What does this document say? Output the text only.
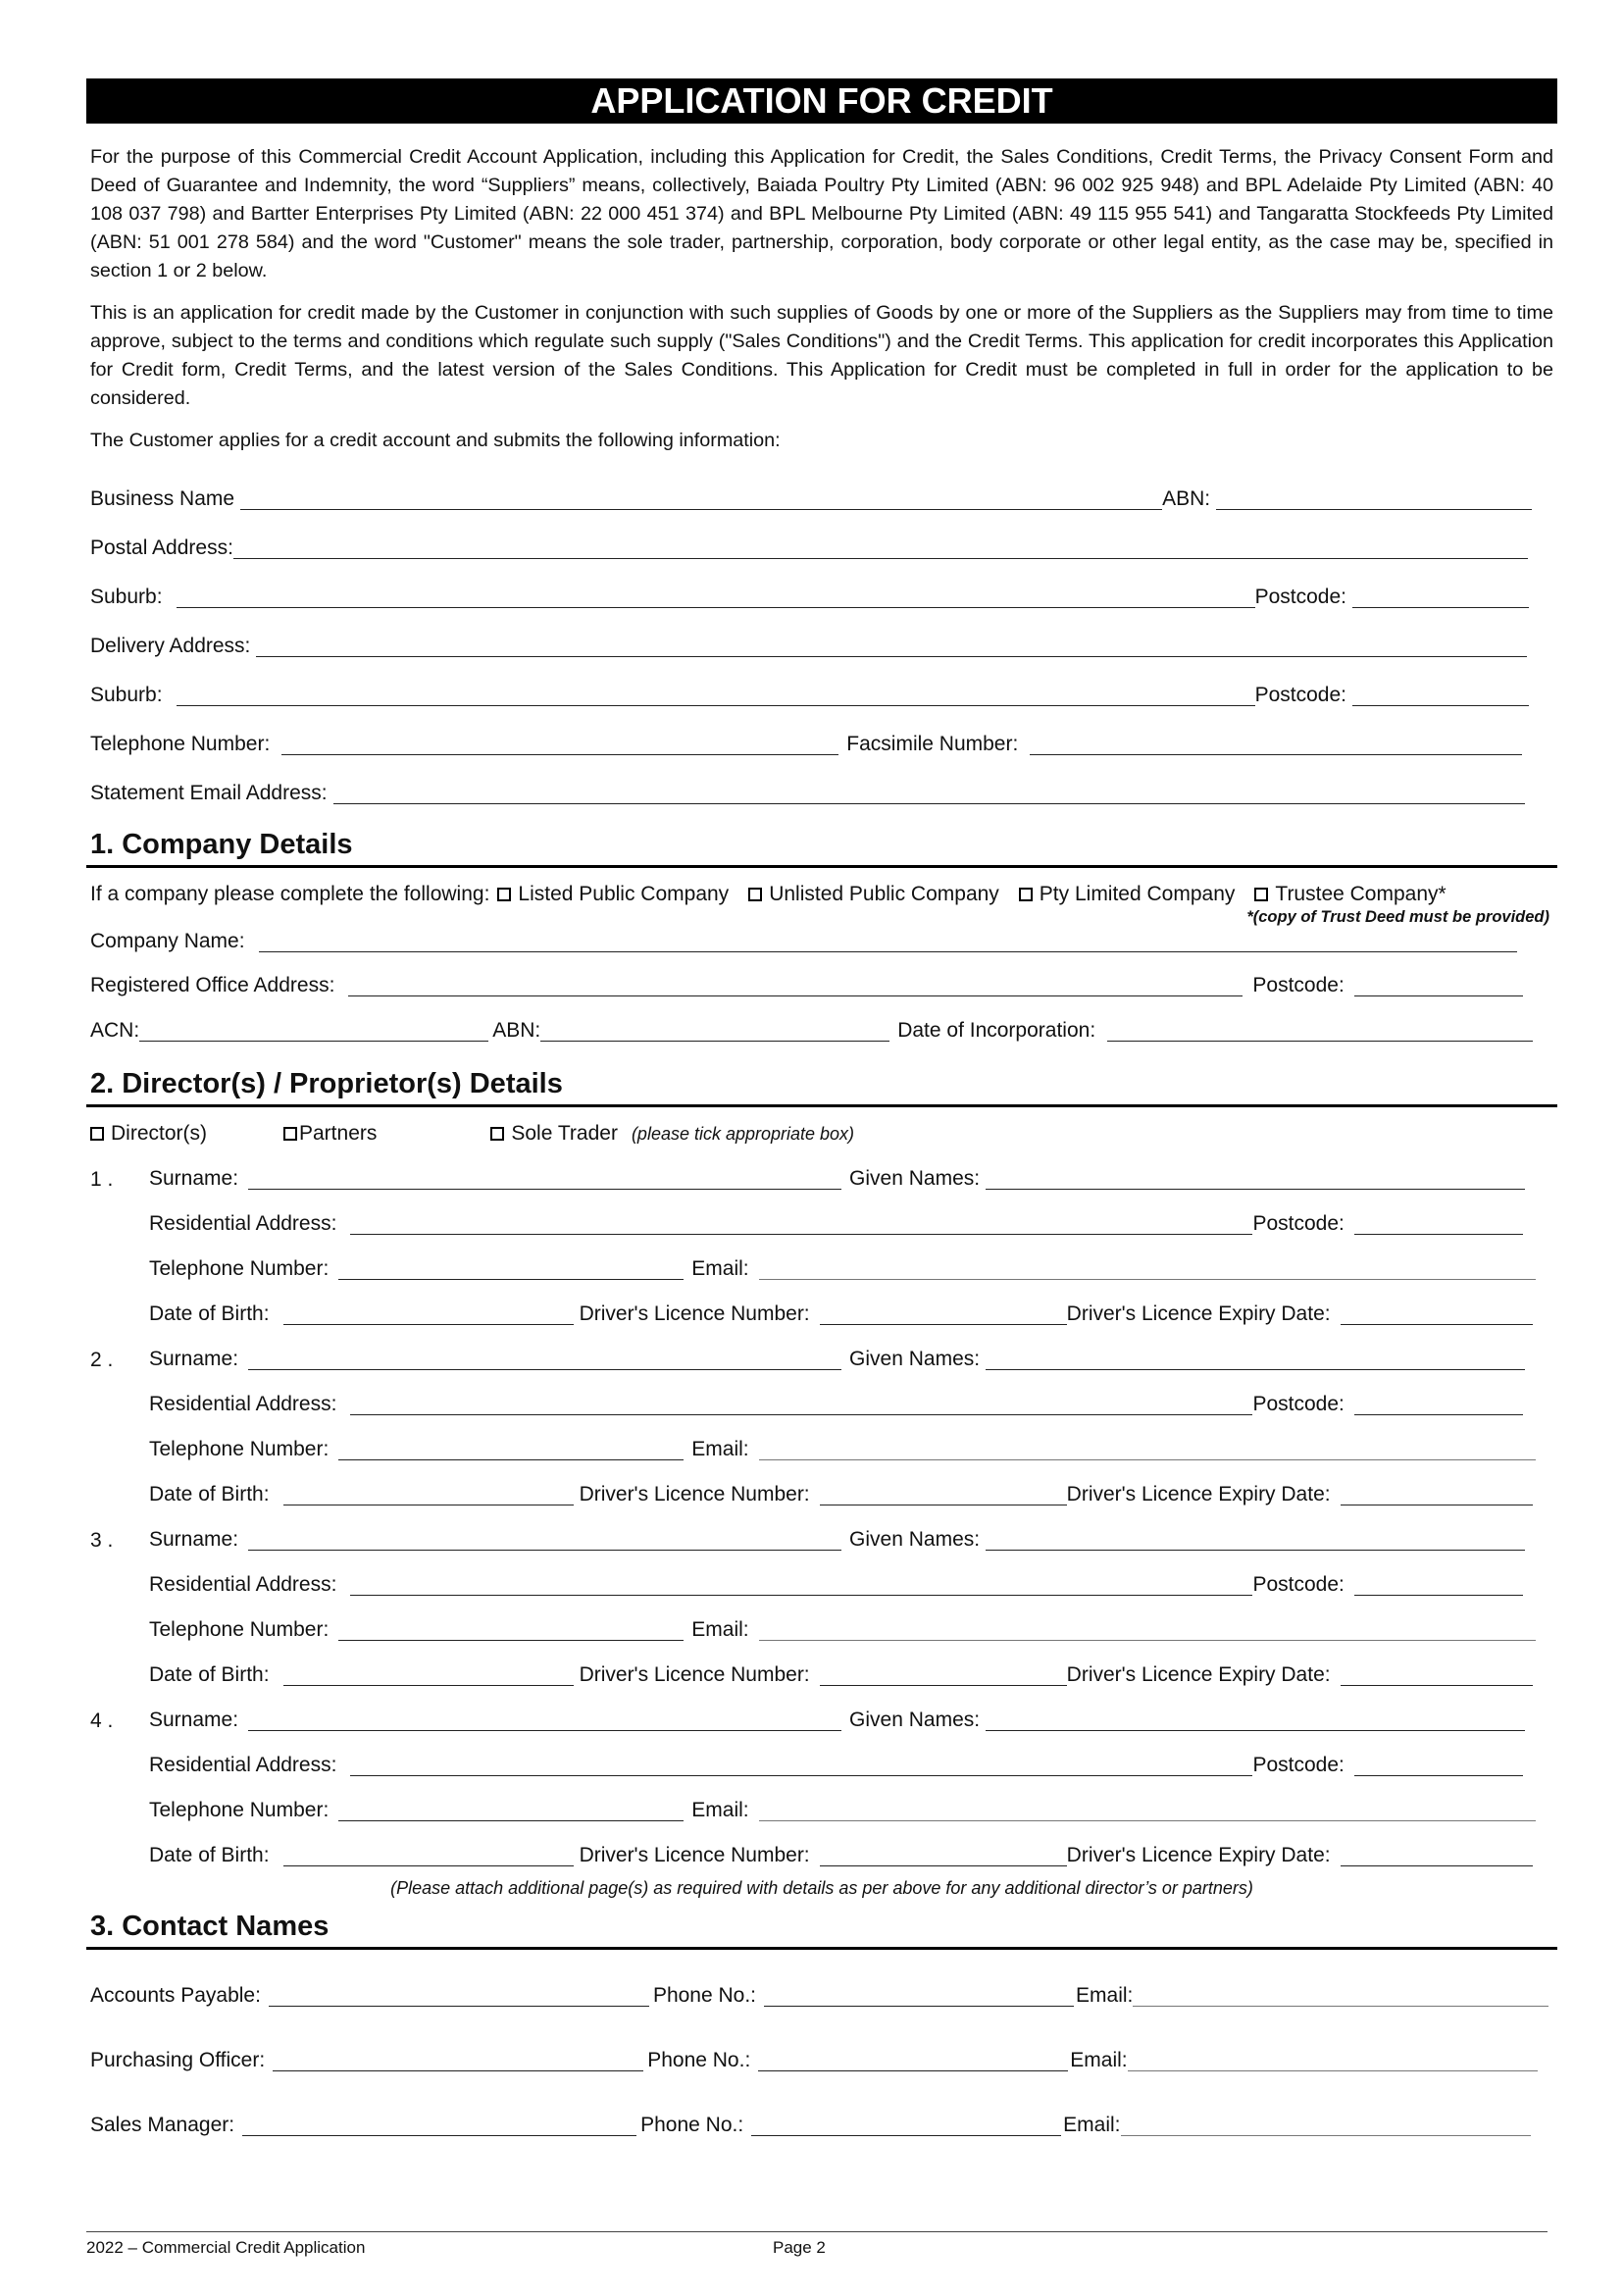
APPLICATION FOR CREDIT

For the purpose of this Commercial Credit Account Application, including this Application for Credit, the Sales Conditions, Credit Terms, the Privacy Consent Form and Deed of Guarantee and Indemnity, the word “Suppliers” means, collectively, Baiada Poultry Pty Limited (ABN: 96 002 925 948) and BPL Adelaide Pty Limited (ABN: 40 108 037 798) and Bartter Enterprises Pty Limited (ABN: 22 000 451 374) and BPL Melbourne Pty Limited (ABN: 49 115 955 541) and Tangaratta Stockfeeds Pty Limited (ABN: 51 001 278 584) and the word "Customer" means the sole trader, partnership, corporation, body corporate or other legal entity, as the case may be, specified in section 1 or 2 below.

This is an application for credit made by the Customer in conjunction with such supplies of Goods by one or more of the Suppliers as the Suppliers may from time to time approve, subject to the terms and conditions which regulate such supply ("Sales Conditions") and the Credit Terms. This application for credit incorporates this Application for Credit form, Credit Terms, and the latest version of the Sales Conditions. This Application for Credit must be completed in full in order for the application to be considered.

The Customer applies for a credit account and submits the following information:

Business Name	ABN:
Postal Address:
Suburb:	Postcode:
Delivery Address:
Suburb:	Postcode:
Telephone Number:	Facsimile Number:
Statement Email Address:
1. Company Details
If a company please complete the following:	Listed Public Company	Unlisted Public Company	Pty Limited Company	Trustee Company*
*(copy of Trust Deed must be provided)
Company Name:
Registered Office Address:	Postcode:
ACN:	ABN:	Date of Incorporation:
2. Director(s) / Proprietor(s) Details
Director(s)	Partners	Sole Trader (please tick appropriate box)
1 .	Surname:	Given Names:
Residential Address:	Postcode:
Telephone Number:	Email:
Date of Birth:	Driver's Licence Number:	Driver's Licence Expiry Date:
2 .	Surname:	Given Names:
Residential Address:	Postcode:
Telephone Number:	Email:
Date of Birth:	Driver's Licence Number:	Driver's Licence Expiry Date:
3 .	Surname:	Given Names:
Residential Address:	Postcode:
Telephone Number:	Email:
Date of Birth:	Driver's Licence Number:	Driver's Licence Expiry Date:
4 .	Surname:	Given Names:
Residential Address:	Postcode:
Telephone Number:	Email:
Date of Birth:	Driver's Licence Number:	Driver's Licence Expiry Date:
(Please attach additional page(s) as required with details as per above for any additional director’s or partners)
3. Contact Names
Accounts Payable:	Phone No.:	Email:
Purchasing Officer:	Phone No.:	Email:
Sales Manager:	Phone No.:	Email:
2022 – Commercial Credit Application	Page 2
